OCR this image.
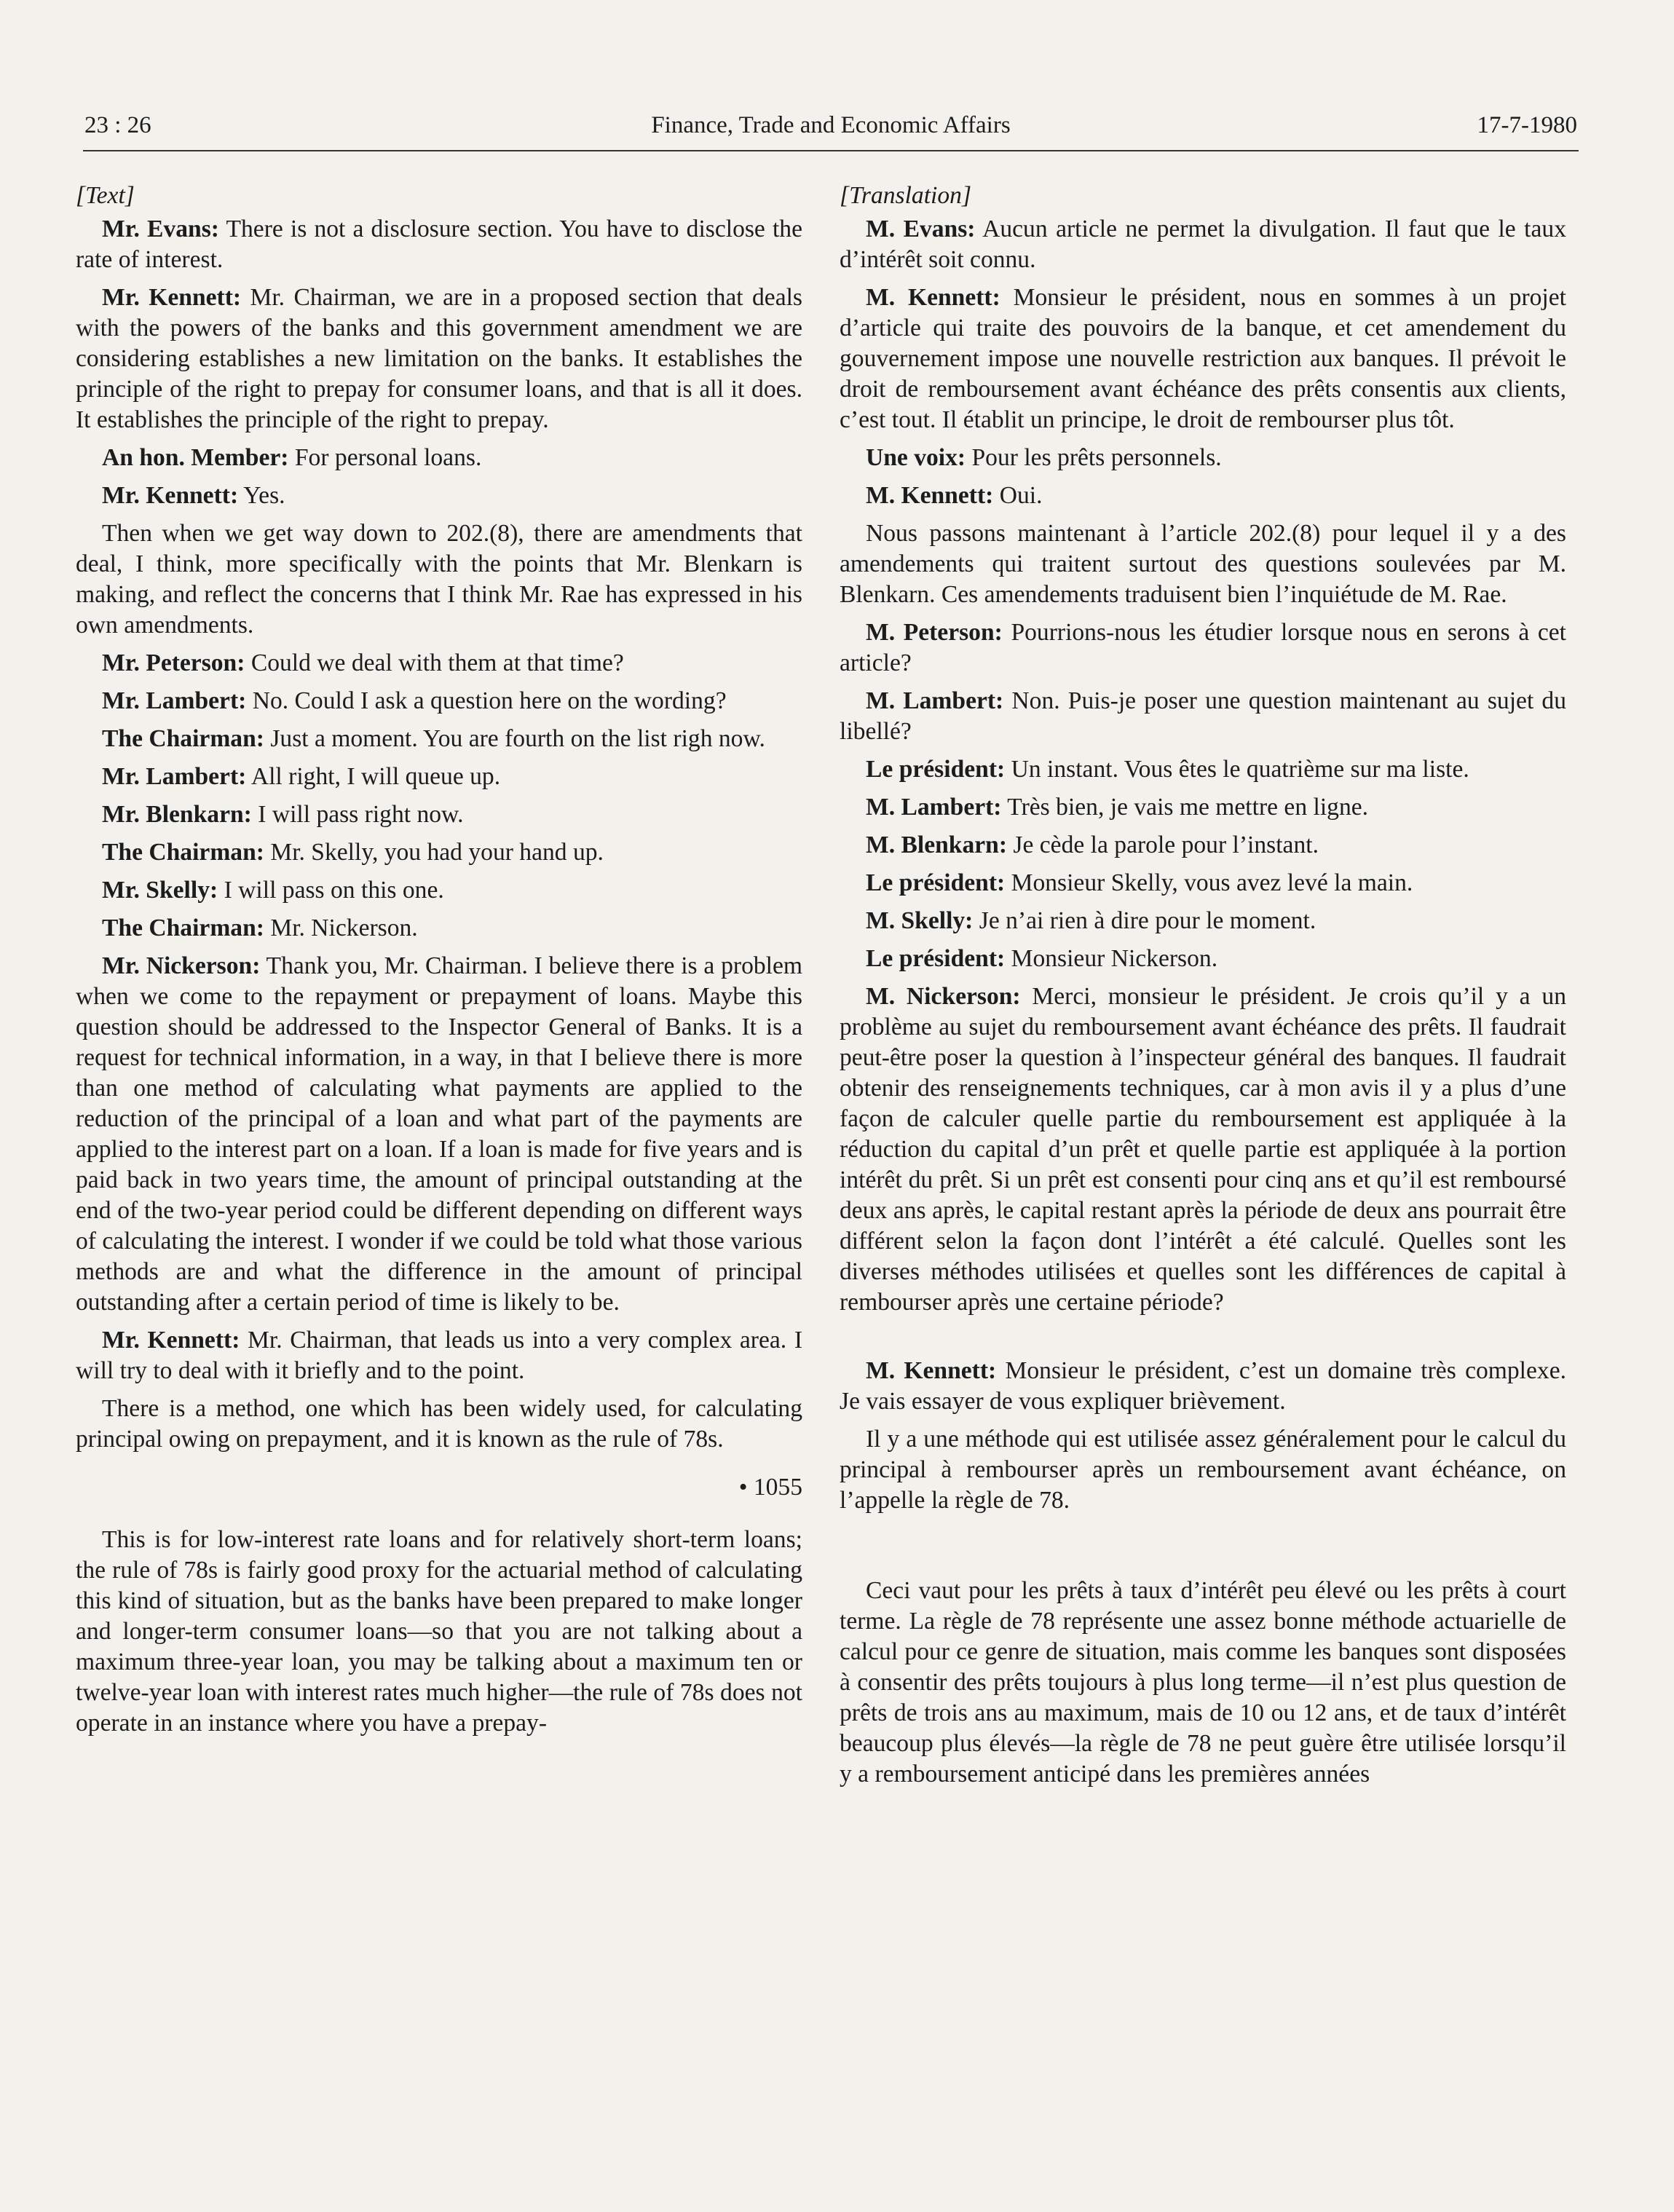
23 : 26	Finance, Trade and Economic Affairs	17-7-1980

[Text]

Mr. Evans: There is not a disclosure section. You have to disclose the rate of interest.

Mr. Kennett: Mr. Chairman, we are in a proposed section that deals with the powers of the banks and this government amendment we are considering establishes a new limitation on the banks. It establishes the principle of the right to prepay for consumer loans, and that is all it does. It establishes the principle of the right to prepay.

An hon. Member: For personal loans.

Mr. Kennett: Yes.

Then when we get way down to 202.(8), there are amendments that deal, I think, more specifically with the points that Mr. Blenkarn is making, and reflect the concerns that I think Mr. Rae has expressed in his own amendments.

Mr. Peterson: Could we deal with them at that time?

Mr. Lambert: No. Could I ask a question here on the wording?

The Chairman: Just a moment. You are fourth on the list righ now.

Mr. Lambert: All right, I will queue up.

Mr. Blenkarn: I will pass right now.

The Chairman: Mr. Skelly, you had your hand up.

Mr. Skelly: I will pass on this one.

The Chairman: Mr. Nickerson.

Mr. Nickerson: Thank you, Mr. Chairman. I believe there is a problem when we come to the repayment or prepayment of loans. Maybe this question should be addressed to the Inspector General of Banks. It is a request for technical information, in a way, in that I believe there is more than one method of calculating what payments are applied to the reduction of the principal of a loan and what part of the payments are applied to the interest part on a loan. If a loan is made for five years and is paid back in two years time, the amount of principal outstanding at the end of the two-year period could be different depending on different ways of calculating the interest. I wonder if we could be told what those various methods are and what the difference in the amount of principal outstanding after a certain period of time is likely to be.

Mr. Kennett: Mr. Chairman, that leads us into a very complex area. I will try to deal with it briefly and to the point.

There is a method, one which has been widely used, for calculating principal owing on prepayment, and it is known as the rule of 78s.

• 1055

This is for low-interest rate loans and for relatively short-term loans; the rule of 78s is fairly good proxy for the actuarial method of calculating this kind of situation, but as the banks have been prepared to make longer and longer-term consumer loans—so that you are not talking about a maximum three-year loan, you may be talking about a maximum ten or twelve-year loan with interest rates much higher—the rule of 78s does not operate in an instance where you have a prepay-

[Translation]

M. Evans: Aucun article ne permet la divulgation. Il faut que le taux d’intérêt soit connu.

M. Kennett: Monsieur le président, nous en sommes à un projet d’article qui traite des pouvoirs de la banque, et cet amendement du gouvernement impose une nouvelle restriction aux banques. Il prévoit le droit de remboursement avant échéance des prêts consentis aux clients, c’est tout. Il établit un principe, le droit de rembourser plus tôt.

Une voix: Pour les prêts personnels.

M. Kennett: Oui.

Nous passons maintenant à l’article 202.(8) pour lequel il y a des amendements qui traitent surtout des questions soulevées par M. Blenkarn. Ces amendements traduisent bien l’inquiétude de M. Rae.

M. Peterson: Pourrions-nous les étudier lorsque nous en serons à cet article?

M. Lambert: Non. Puis-je poser une question maintenant au sujet du libellé?

Le président: Un instant. Vous êtes le quatrième sur ma liste.

M. Lambert: Très bien, je vais me mettre en ligne.

M. Blenkarn: Je cède la parole pour l’instant.

Le président: Monsieur Skelly, vous avez levé la main.

M. Skelly: Je n’ai rien à dire pour le moment.

Le président: Monsieur Nickerson.

M. Nickerson: Merci, monsieur le président. Je crois qu’il y a un problème au sujet du remboursement avant échéance des prêts. Il faudrait peut-être poser la question à l’inspecteur général des banques. Il faudrait obtenir des renseignements techniques, car à mon avis il y a plus d’une façon de calculer quelle partie du remboursement est appliquée à la réduction du capital d’un prêt et quelle partie est appliquée à la portion intérêt du prêt. Si un prêt est consenti pour cinq ans et qu’il est remboursé deux ans après, le capital restant après la période de deux ans pourrait être différent selon la façon dont l’intérêt a été calculé. Quelles sont les diverses méthodes utilisées et quelles sont les différences de capital à rembourser après une certaine période?

M. Kennett: Monsieur le président, c’est un domaine très complexe. Je vais essayer de vous expliquer brièvement.

Il y a une méthode qui est utilisée assez généralement pour le calcul du principal à rembourser après un remboursement avant échéance, on l’appelle la règle de 78.

Ceci vaut pour les prêts à taux d’intérêt peu élevé ou les prêts à court terme. La règle de 78 représente une assez bonne méthode actuarielle de calcul pour ce genre de situation, mais comme les banques sont disposées à consentir des prêts toujours à plus long terme—il n’est plus question de prêts de trois ans au maximum, mais de 10 ou 12 ans, et de taux d’intérêt beaucoup plus élevés—la règle de 78 ne peut guère être utilisée lorsqu’il y a remboursement anticipé dans les premières années
